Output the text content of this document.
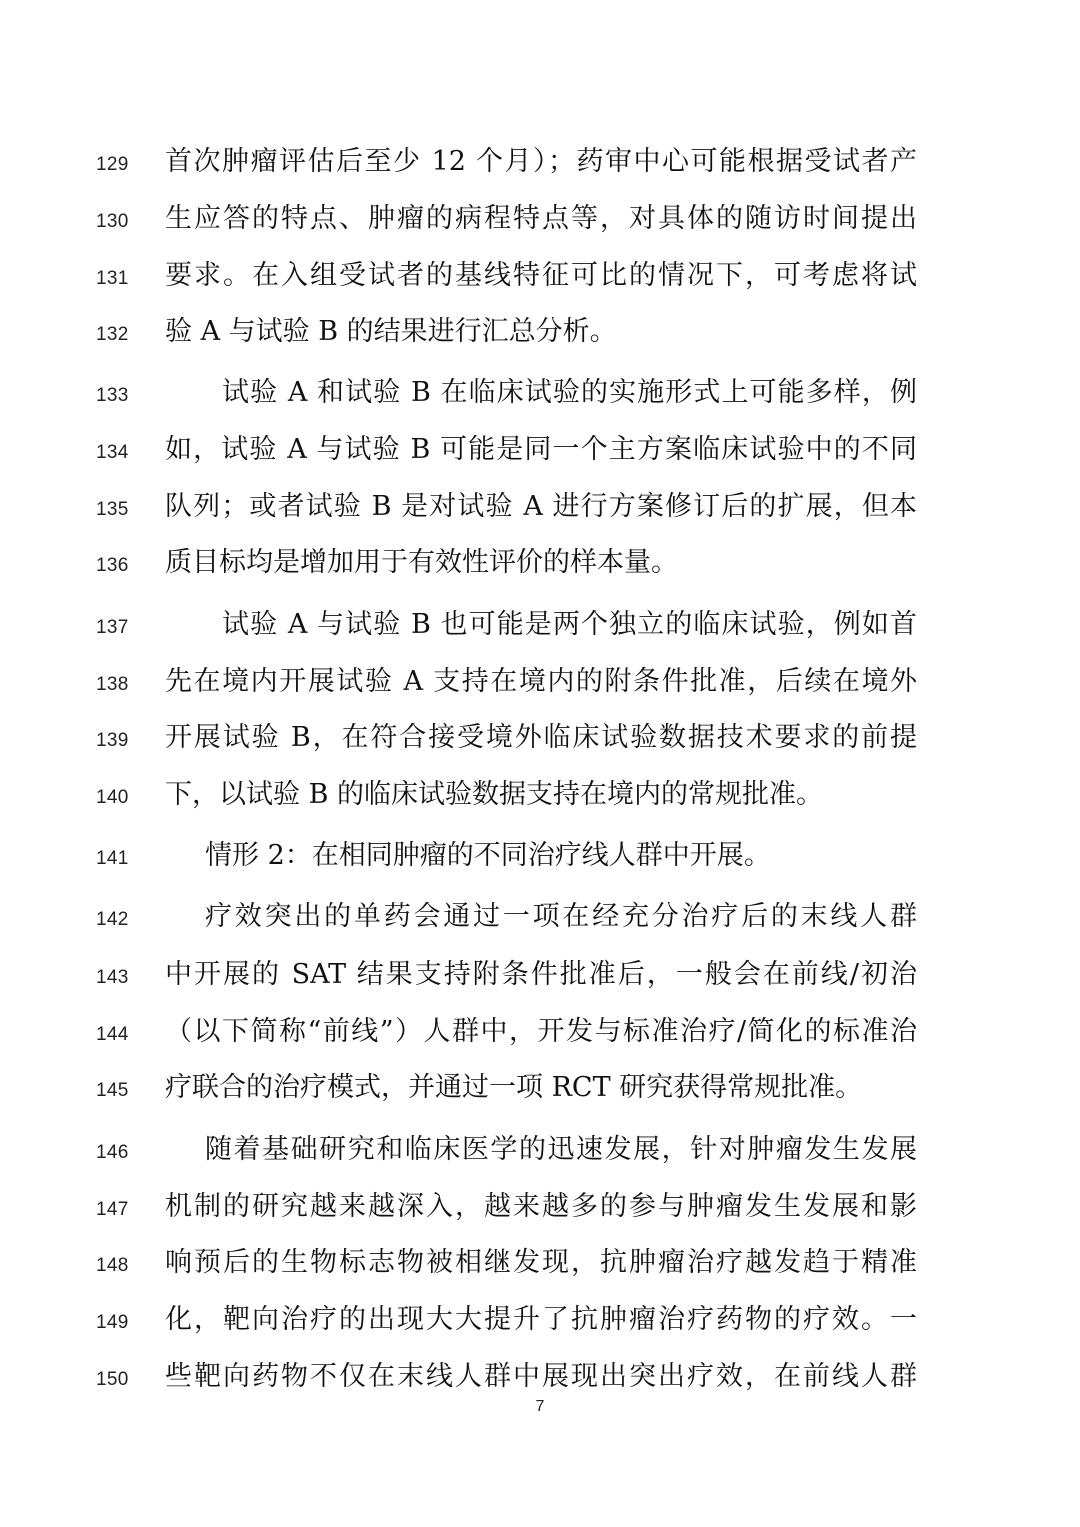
129 首次肿瘤评估后至少 12 个月）；药审中心可能根据受试者产
130 生应答的特点、肿瘤的病程特点等，对具体的随访时间提出
131 要求。在入组受试者的基线特征可比的情况下，可考虑将试
132 验 A 与试验 B 的结果进行汇总分析。
133	试验 A 和试验 B 在临床试验的实施形式上可能多样，例
134 如，试验 A 与试验 B 可能是同一个主方案临床试验中的不同
135 队列；或者试验 B 是对试验 A 进行方案修订后的扩展，但本
136 质目标均是增加用于有效性评价的样本量。
137	试验 A 与试验 B 也可能是两个独立的临床试验，例如首
138 先在境内开展试验 A 支持在境内的附条件批准，后续在境外
139 开展试验 B，在符合接受境外临床试验数据技术要求的前提
140 下，以试验 B 的临床试验数据支持在境内的常规批准。
141	情形 2：在相同肿瘤的不同治疗线人群中开展。
142	疗效突出的单药会通过一项在经充分治疗后的末线人群
143 中开展的 SAT 结果支持附条件批准后，一般会在前线/初治
144 （以下简称“前线”）人群中，开发与标准治疗/简化的标准治
145 疗联合的治疗模式，并通过一项 RCT 研究获得常规批准。
146	随着基础研究和临床医学的迅速发展，针对肿瘤发生发展
147 机制的研究越来越深入，越来越多的参与肿瘤发生发展和影
148 响预后的生物标志物被相继发现，抗肿瘤治疗越发趋于精准
149 化，靶向治疗的出现大大提升了抗肿瘤治疗药物的疗效。一
150 些靶向药物不仅在末线人群中展现出突出疗效，在前线人群
7
